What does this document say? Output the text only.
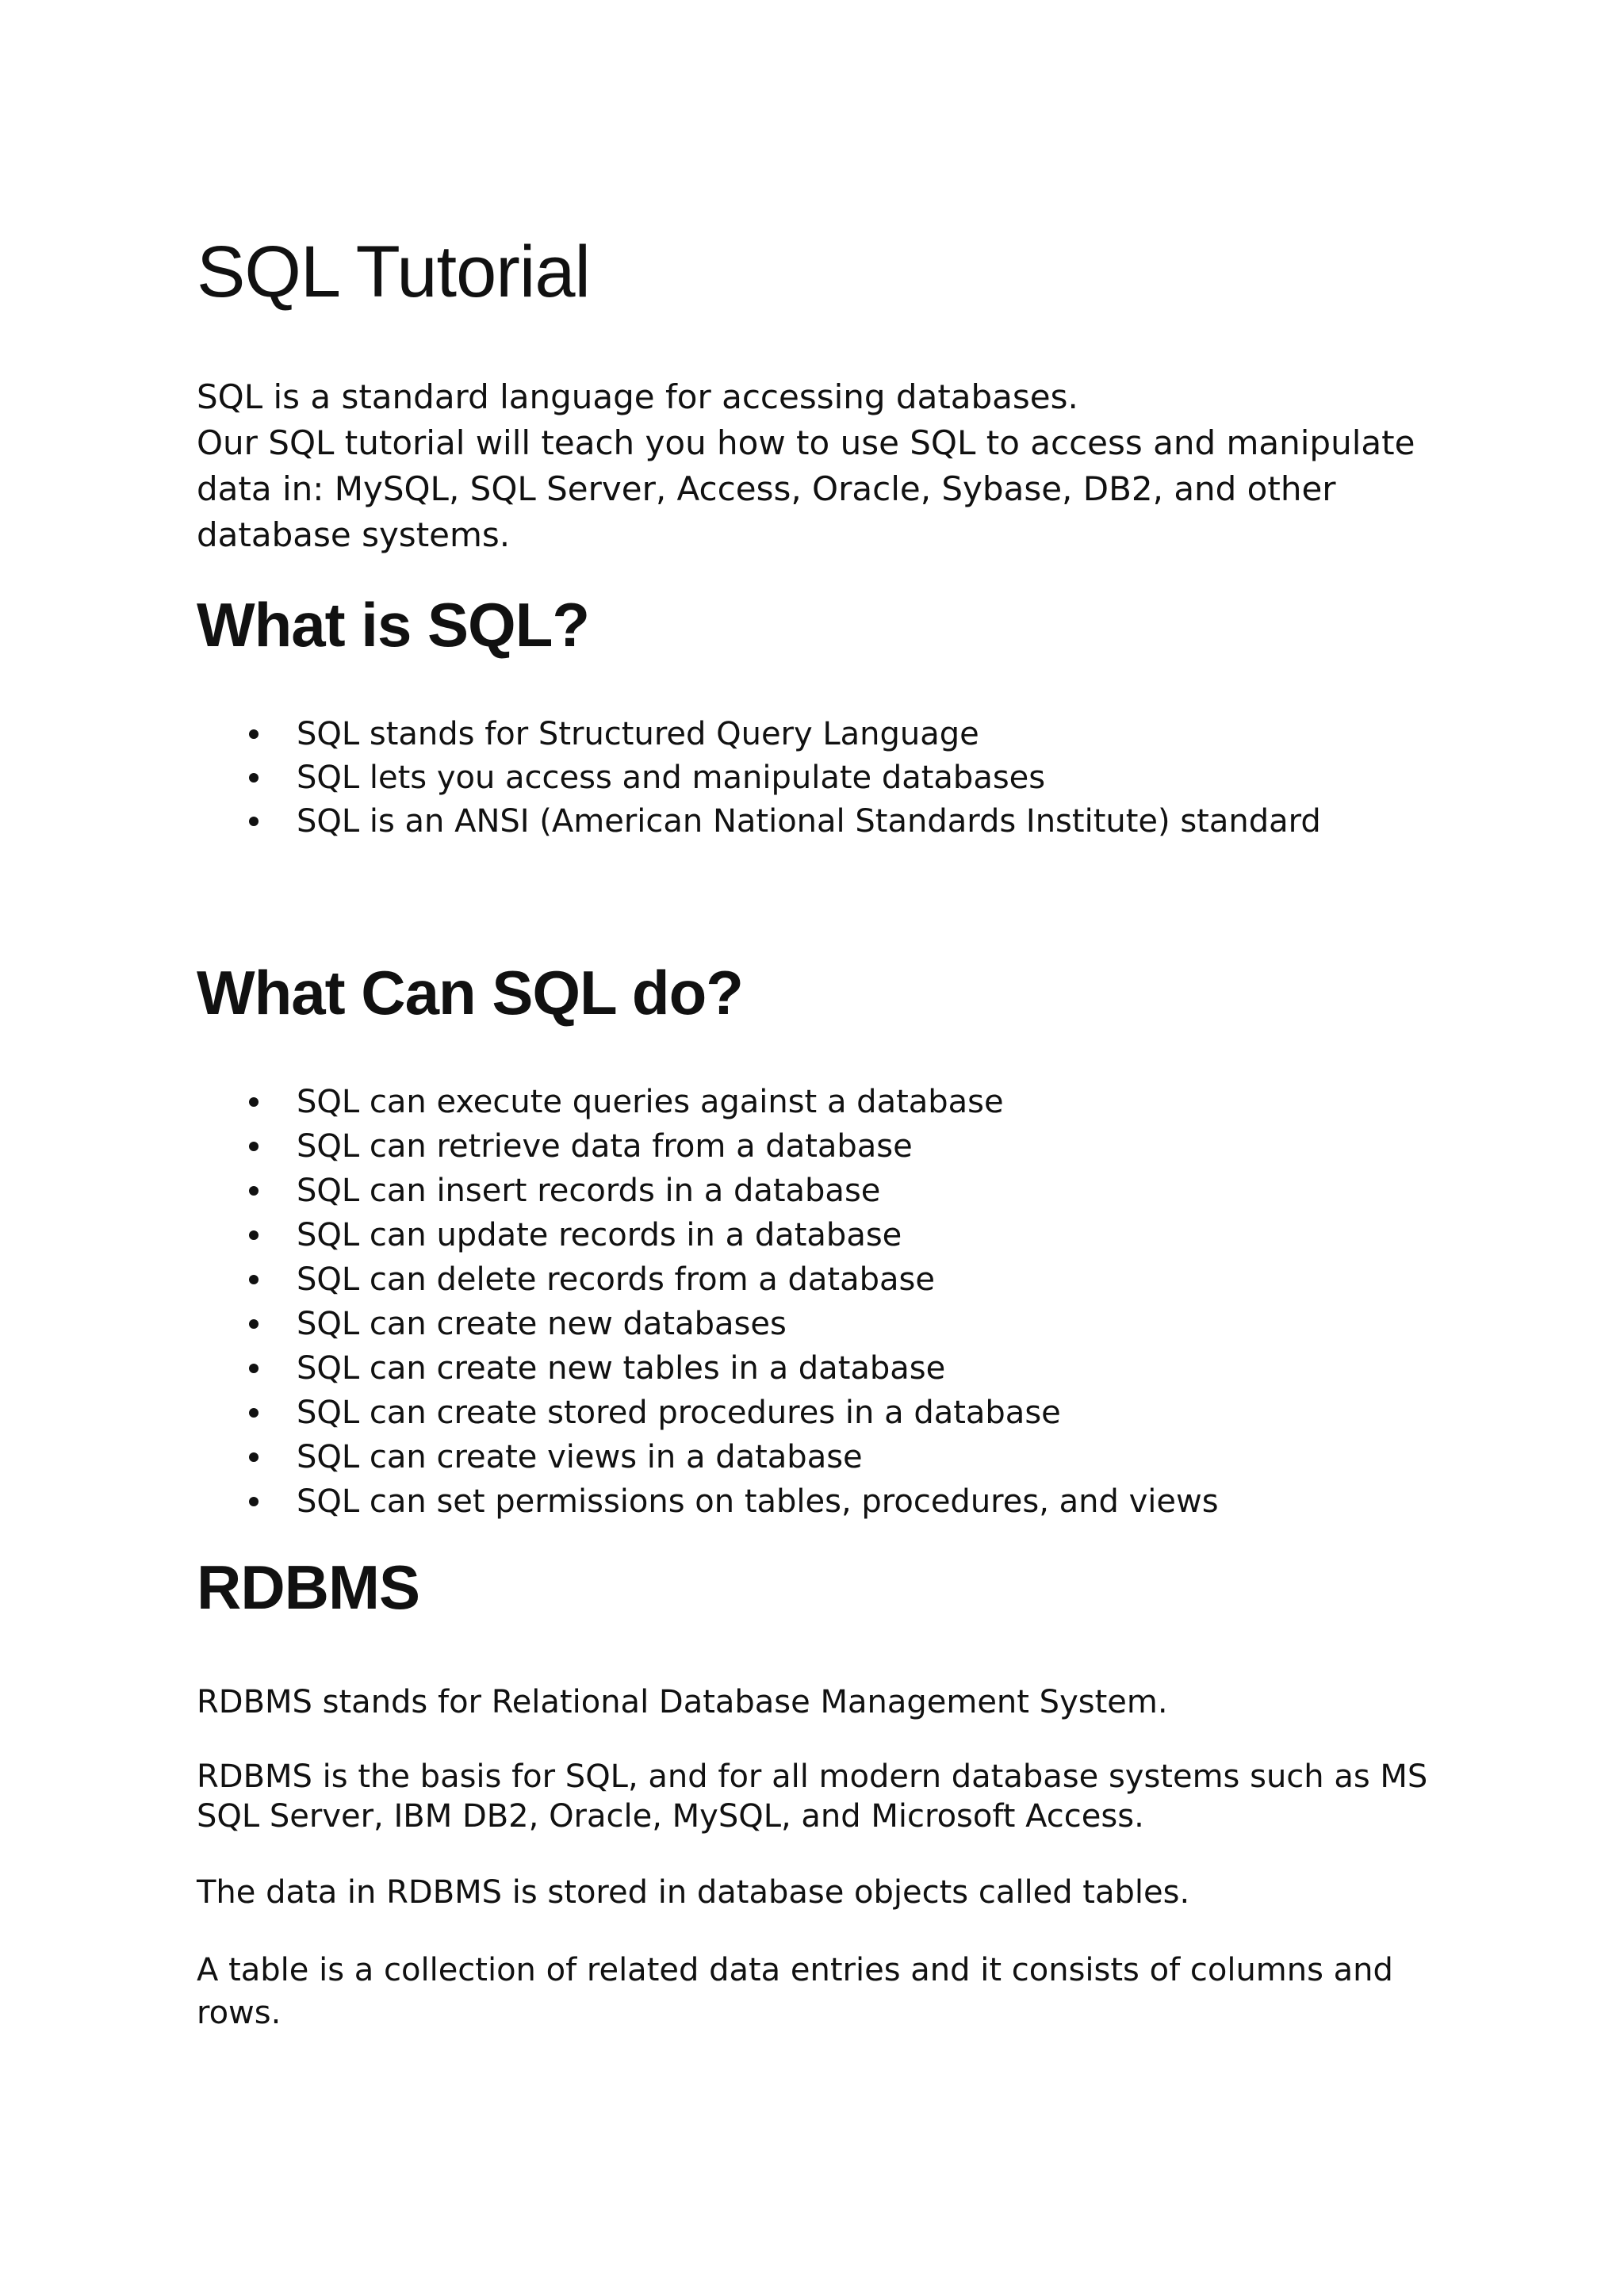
SQL Tutorial
SQL is a standard language for accessing databases.
Our SQL tutorial will teach you how to use SQL to access and manipulate
data in: MySQL, SQL Server, Access, Oracle, Sybase, DB2, and other
database systems.
What is SQL?
SQL stands for Structured Query Language
SQL lets you access and manipulate databases
SQL is an ANSI (American National Standards Institute) standard
What Can SQL do?
SQL can execute queries against a database
SQL can retrieve data from a database
SQL can insert records in a database
SQL can update records in a database
SQL can delete records from a database
SQL can create new databases
SQL can create new tables in a database
SQL can create stored procedures in a database
SQL can create views in a database
SQL can set permissions on tables, procedures, and views
RDBMS
RDBMS stands for Relational Database Management System.
RDBMS is the basis for SQL, and for all modern database systems such as MS
SQL Server, IBM DB2, Oracle, MySQL, and Microsoft Access.
The data in RDBMS is stored in database objects called tables.
A table is a collection of related data entries and it consists of columns and
rows.
